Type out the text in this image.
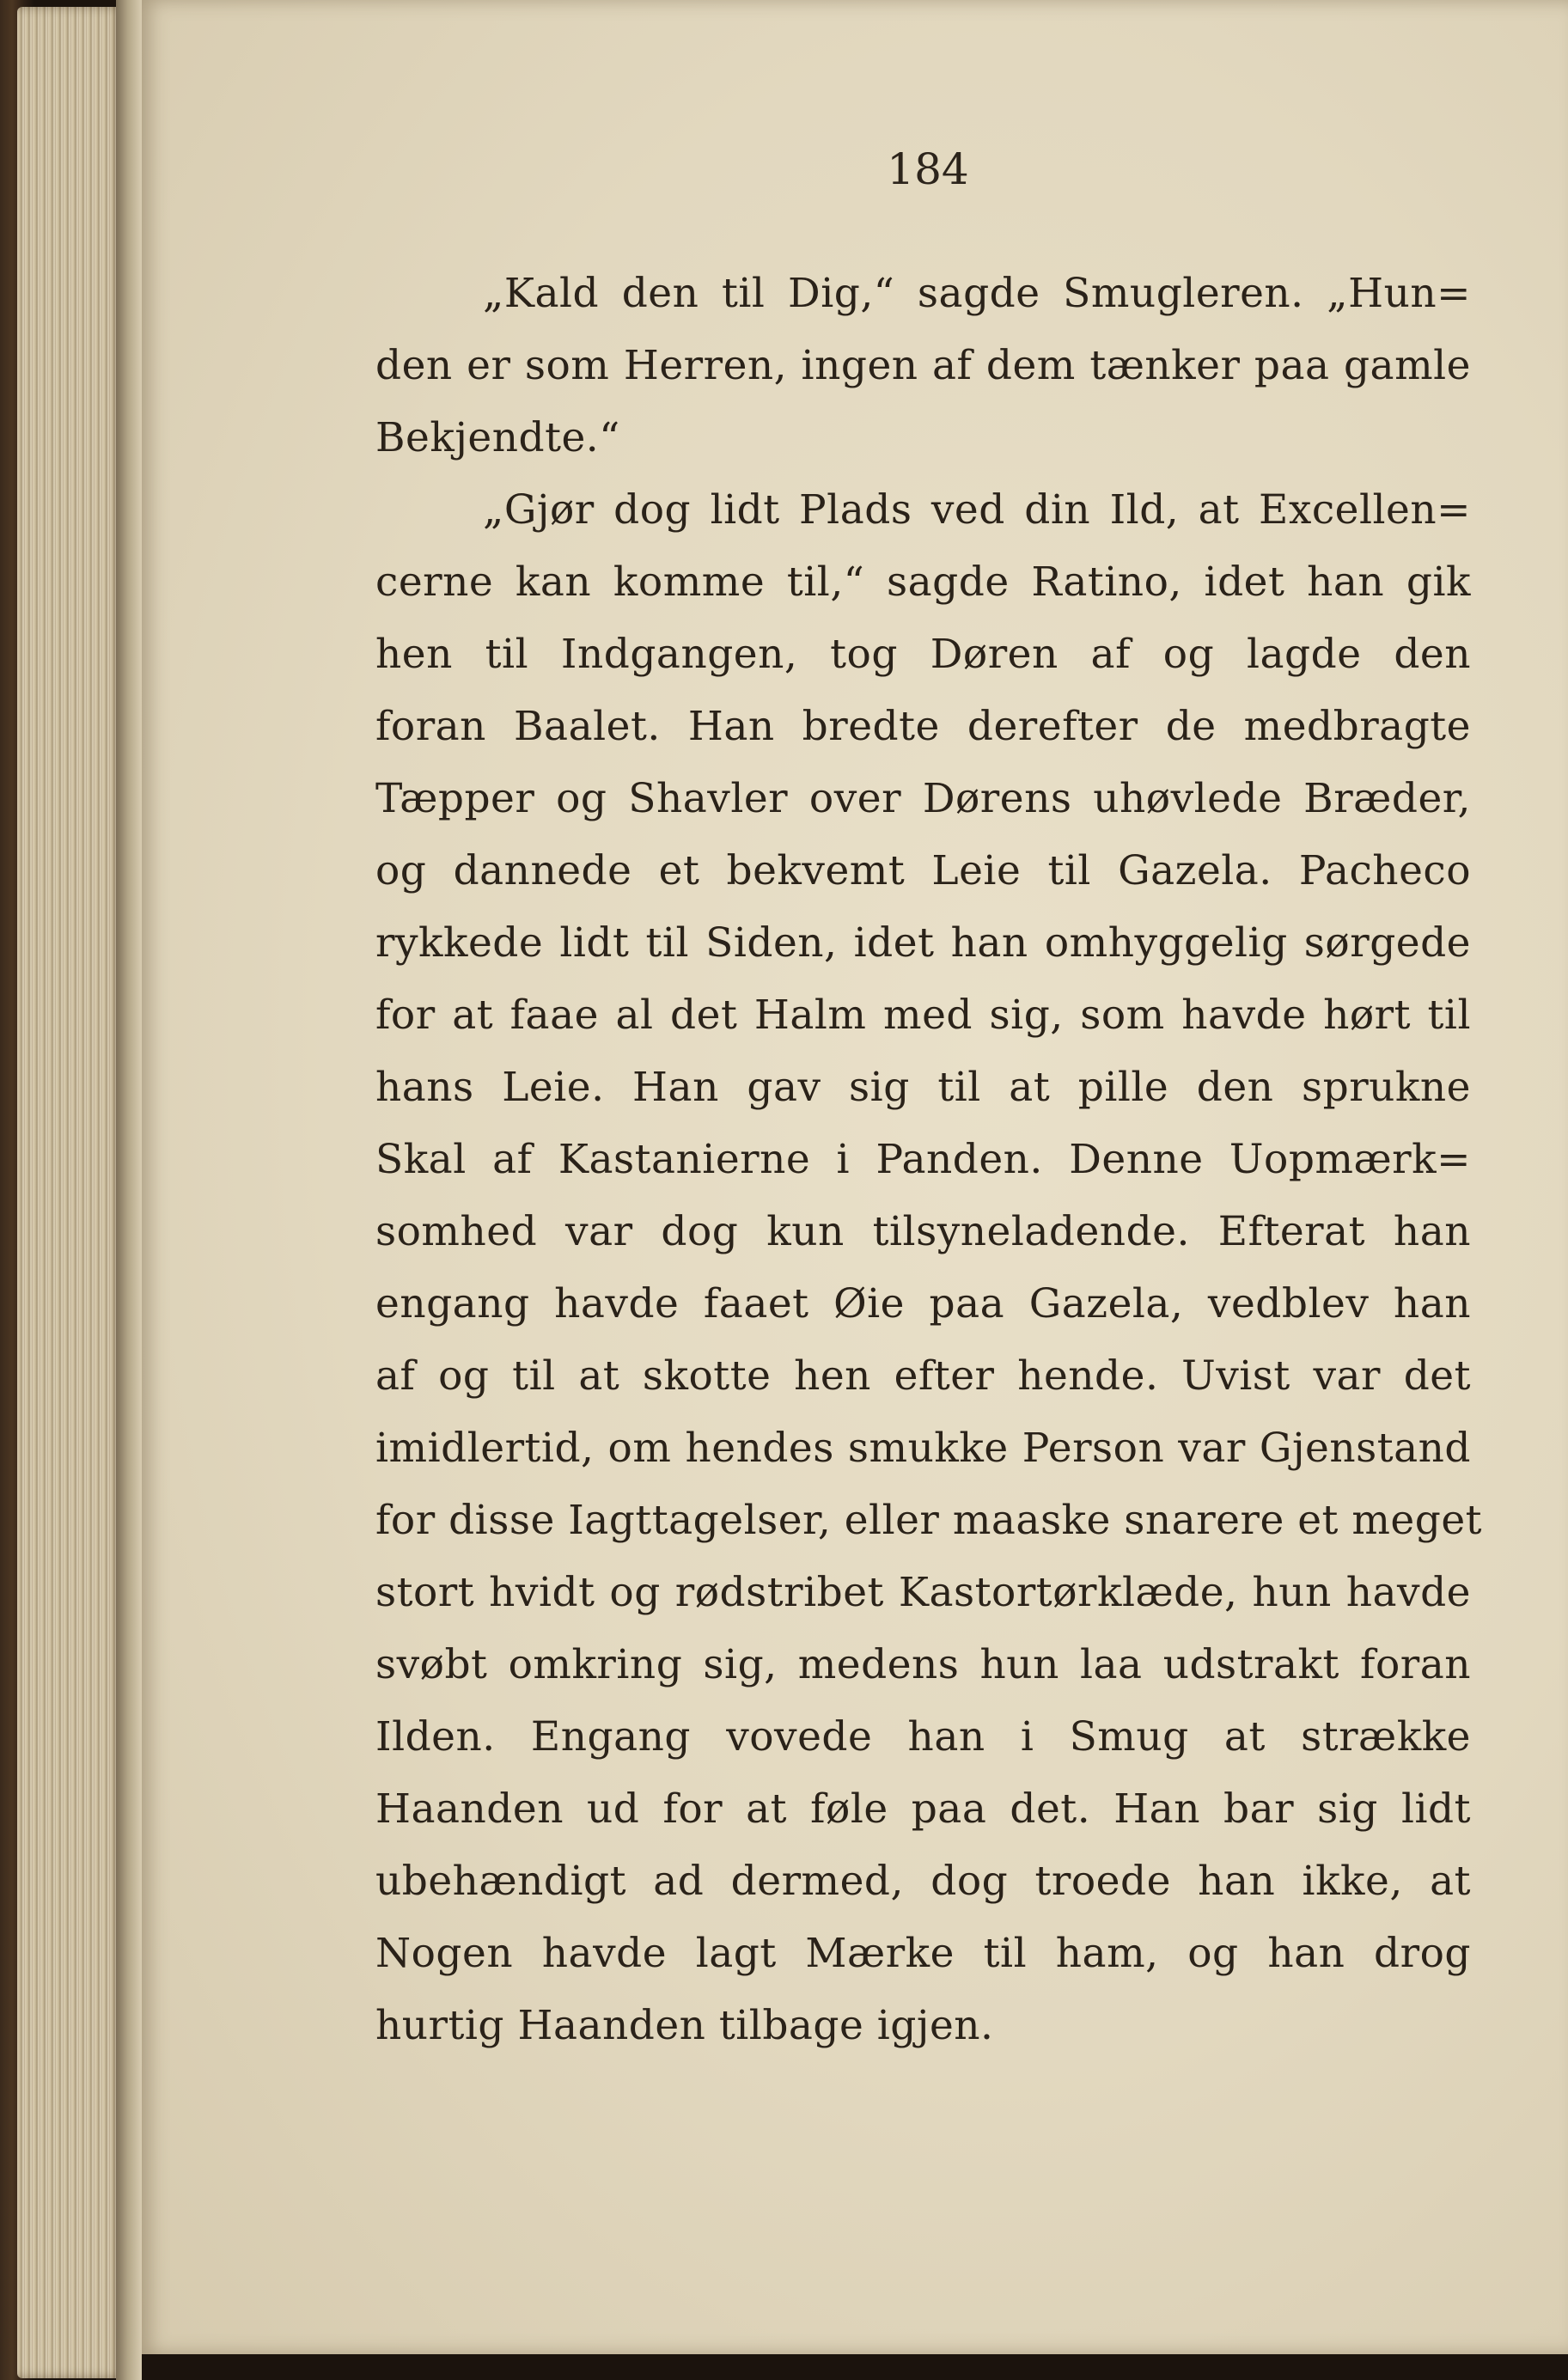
184
„Kald den til Dig,“ sagde Smugleren. „Hun=
den er som Herren, ingen af dem tænker paa gamle
Bekjendte.“
„Gjør dog lidt Plads ved din Ild, at Excellen=
cerne kan komme til,“ sagde Ratino, idet han gik
hen til Indgangen, tog Døren af og lagde den
foran Baalet. Han bredte derefter de medbragte
Tæpper og Shavler over Dørens uhøvlede Bræder,
og dannede et bekvemt Leie til Gazela. Pacheco
rykkede lidt til Siden, idet han omhyggelig sørgede
for at faae al det Halm med sig, som havde hørt til
hans Leie. Han gav sig til at pille den sprukne
Skal af Kastanierne i Panden. Denne Uopmærk=
somhed var dog kun tilsyneladende. Efterat han
engang havde faaet Øie paa Gazela, vedblev han
af og til at skotte hen efter hende. Uvist var det
imidlertid, om hendes smukke Person var Gjenstand
for disse Iagttagelser, eller maaske snarere et meget
stort hvidt og rødstribet Kastortørklæde, hun havde
svøbt omkring sig, medens hun laa udstrakt foran
Ilden. Engang vovede han i Smug at strække
Haanden ud for at føle paa det. Han bar sig lidt
ubehændigt ad dermed, dog troede han ikke, at
Nogen havde lagt Mærke til ham, og han drog
hurtig Haanden tilbage igjen.
